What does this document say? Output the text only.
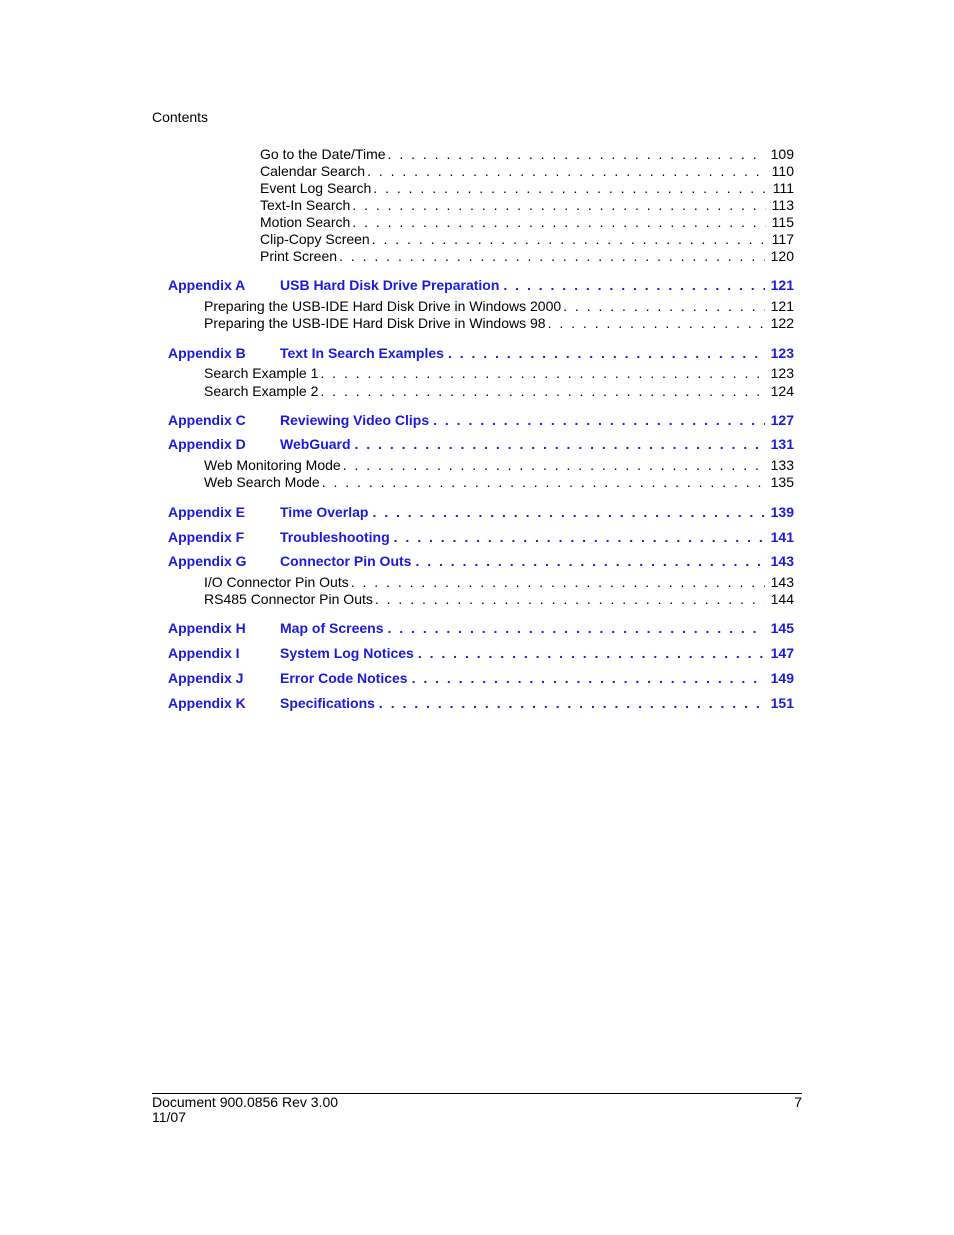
Contents
Go to the Date/Time . . .	109
Calendar Search . . .	110
Event Log Search . . .	111
Text-In Search . . .	113
Motion Search . . .	115
Clip-Copy Screen . . .	117
Print Screen . . .	120
Appendix A	USB Hard Disk Drive Preparation . . .	121
Preparing the USB-IDE Hard Disk Drive in Windows 2000 . . .	121
Preparing the USB-IDE Hard Disk Drive in Windows 98 . . .	122
Appendix B	Text In Search Examples . . .	123
Search Example 1 . . .	123
Search Example 2 . . .	124
Appendix C	Reviewing Video Clips . . .	127
Appendix D	WebGuard . . .	131
Web Monitoring Mode . . .	133
Web Search Mode . . .	135
Appendix E	Time Overlap . . .	139
Appendix F	Troubleshooting . . .	141
Appendix G	Connector Pin Outs . . .	143
I/O Connector Pin Outs . . .	143
RS485 Connector Pin Outs . . .	144
Appendix H	Map of Screens . . .	145
Appendix I	System Log Notices . . .	147
Appendix J	Error Code Notices . . .	149
Appendix K	Specifications . . .	151
Document 900.0856 Rev 3.00
11/07
7
